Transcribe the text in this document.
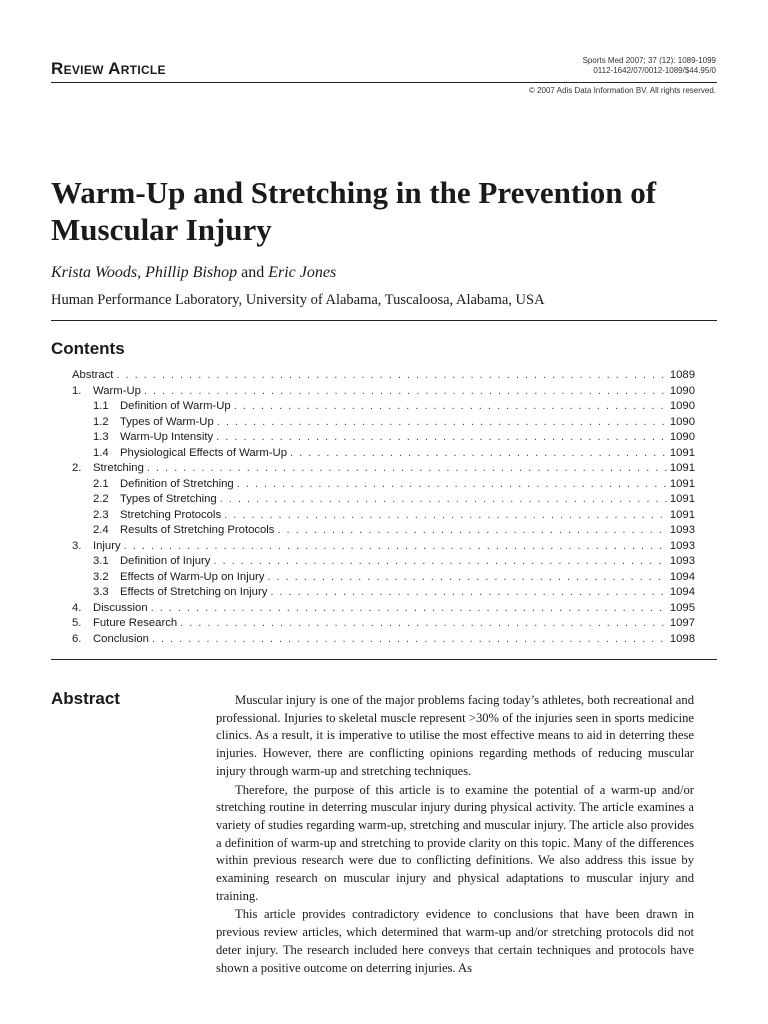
Review Article	Sports Med 2007; 37 (12): 1089-1099
0112-1642/07/0012-1089/$44.95/0
© 2007 Adis Data Information BV. All rights reserved.
Warm-Up and Stretching in the Prevention of Muscular Injury
Krista Woods, Phillip Bishop and Eric Jones
Human Performance Laboratory, University of Alabama, Tuscaloosa, Alabama, USA
Contents
Abstract . . .	1089
1.	Warm-Up . . .	1090
1.1 Definition of Warm-Up . . .	1090
1.2 Types of Warm-Up . . .	1090
1.3 Warm-Up Intensity . . .	1090
1.4 Physiological Effects of Warm-Up . . .	1091
2.	Stretching . . .	1091
2.1 Definition of Stretching . . .	1091
2.2 Types of Stretching . . .	1091
2.3 Stretching Protocols . . .	1091
2.4 Results of Stretching Protocols . . .	1093
3.	Injury . . .	1093
3.1 Definition of Injury . . .	1093
3.2 Effects of Warm-Up on Injury . . .	1094
3.3 Effects of Stretching on Injury . . .	1094
4.	Discussion . . .	1095
5.	Future Research . . .	1097
6.	Conclusion . . .	1098
Abstract	Muscular injury is one of the major problems facing today’s athletes, both recreational and professional. Injuries to skeletal muscle represent >30% of the injuries seen in sports medicine clinics. As a result, it is imperative to utilise the most effective means to aid in deterring these injuries. However, there are conflicting opinions regarding methods of reducing muscular injury through warm-up and stretching techniques.

Therefore, the purpose of this article is to examine the potential of a warm-up and/or stretching routine in deterring muscular injury during physical activity. The article examines a variety of studies regarding warm-up, stretching and muscular injury. The article also provides a definition of warm-up and stretching to provide clarity on this topic. Many of the differences within previous research were due to conflicting definitions. We also address this issue by examining research on muscular injury and physical adaptations to muscular injury and training.

This article provides contradictory evidence to conclusions that have been drawn in previous review articles, which determined that warm-up and/or stretching protocols did not deter injury. The research included here conveys that certain techniques and protocols have shown a positive outcome on deterring injuries. As
